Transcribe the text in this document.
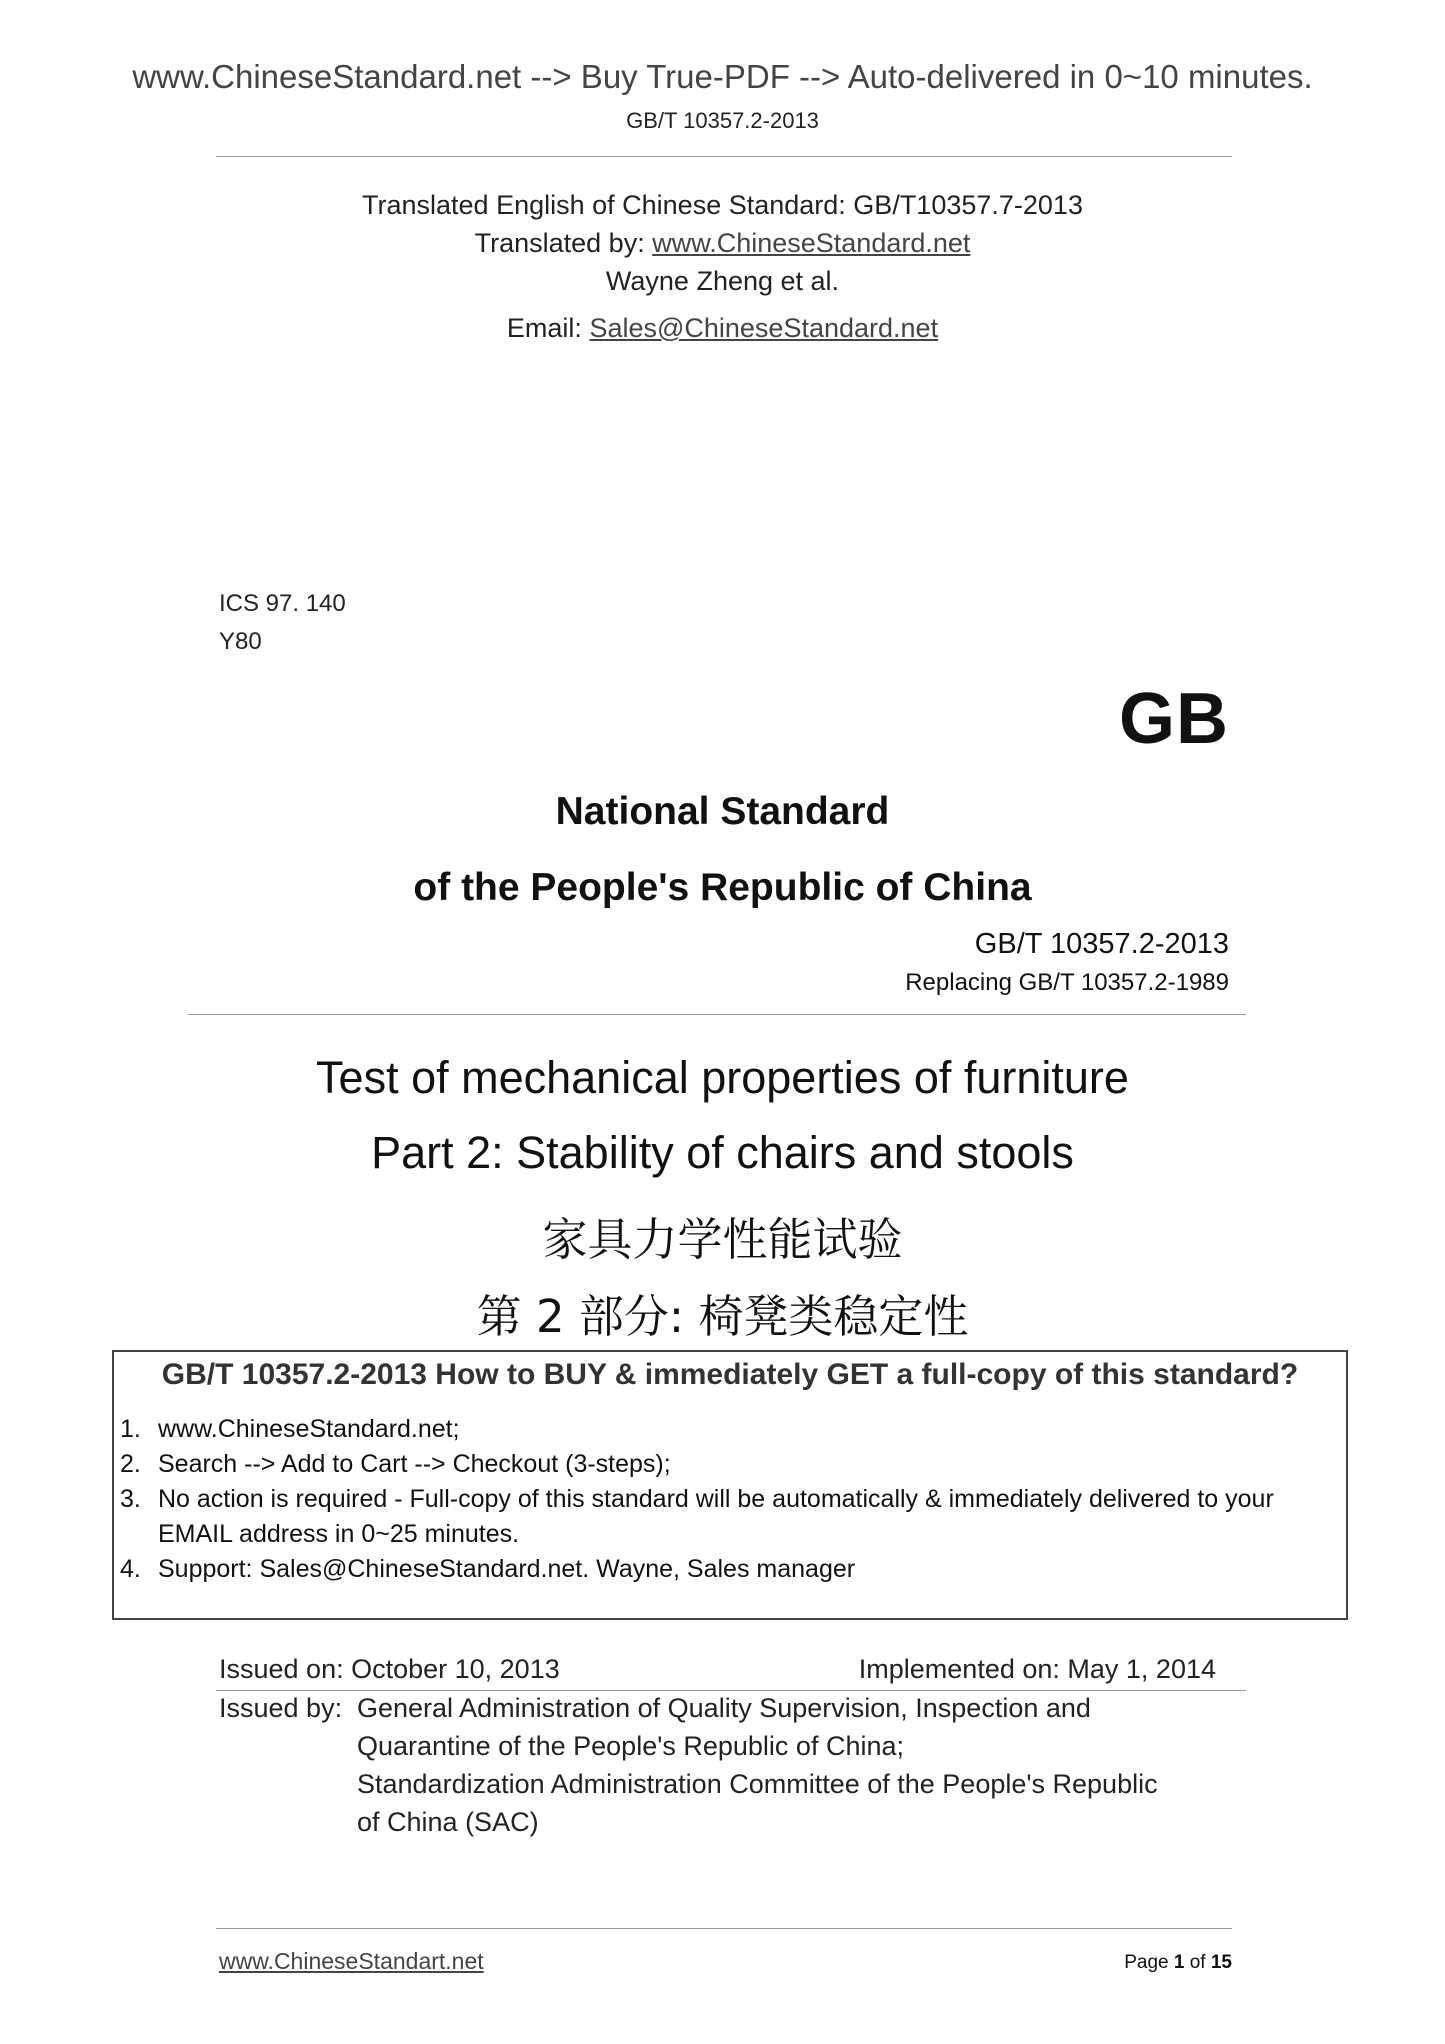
www.ChineseStandard.net --> Buy True-PDF --> Auto-delivered in 0~10 minutes.
GB/T 10357.2-2013
Translated English of Chinese Standard: GB/T10357.7-2013
Translated by: www.ChineseStandard.net
Wayne Zheng et al.
Email: Sales@ChineseStandard.net
ICS 97. 140
Y80
GB
National Standard
of the People's Republic of China
GB/T 10357.2-2013
Replacing GB/T 10357.2-1989
Test of mechanical properties of furniture
Part 2: Stability of chairs and stools
家具力学性能试验
第 2 部分: 椅凳类稳定性
GB/T 10357.2-2013 How to BUY & immediately GET a full-copy of this standard?
1. www.ChineseStandard.net;
2. Search --> Add to Cart --> Checkout (3-steps);
3. No action is required - Full-copy of this standard will be automatically & immediately delivered to your EMAIL address in 0~25 minutes.
4. Support: Sales@ChineseStandard.net. Wayne, Sales manager
Issued on: October 10, 2013	Implemented on: May 1, 2014
Issued by: General Administration of Quality Supervision, Inspection and
Quarantine of the People's Republic of China;
Standardization Administration Committee of the People's Republic
of China (SAC)
www.ChineseStandart.net	Page 1 of 15
